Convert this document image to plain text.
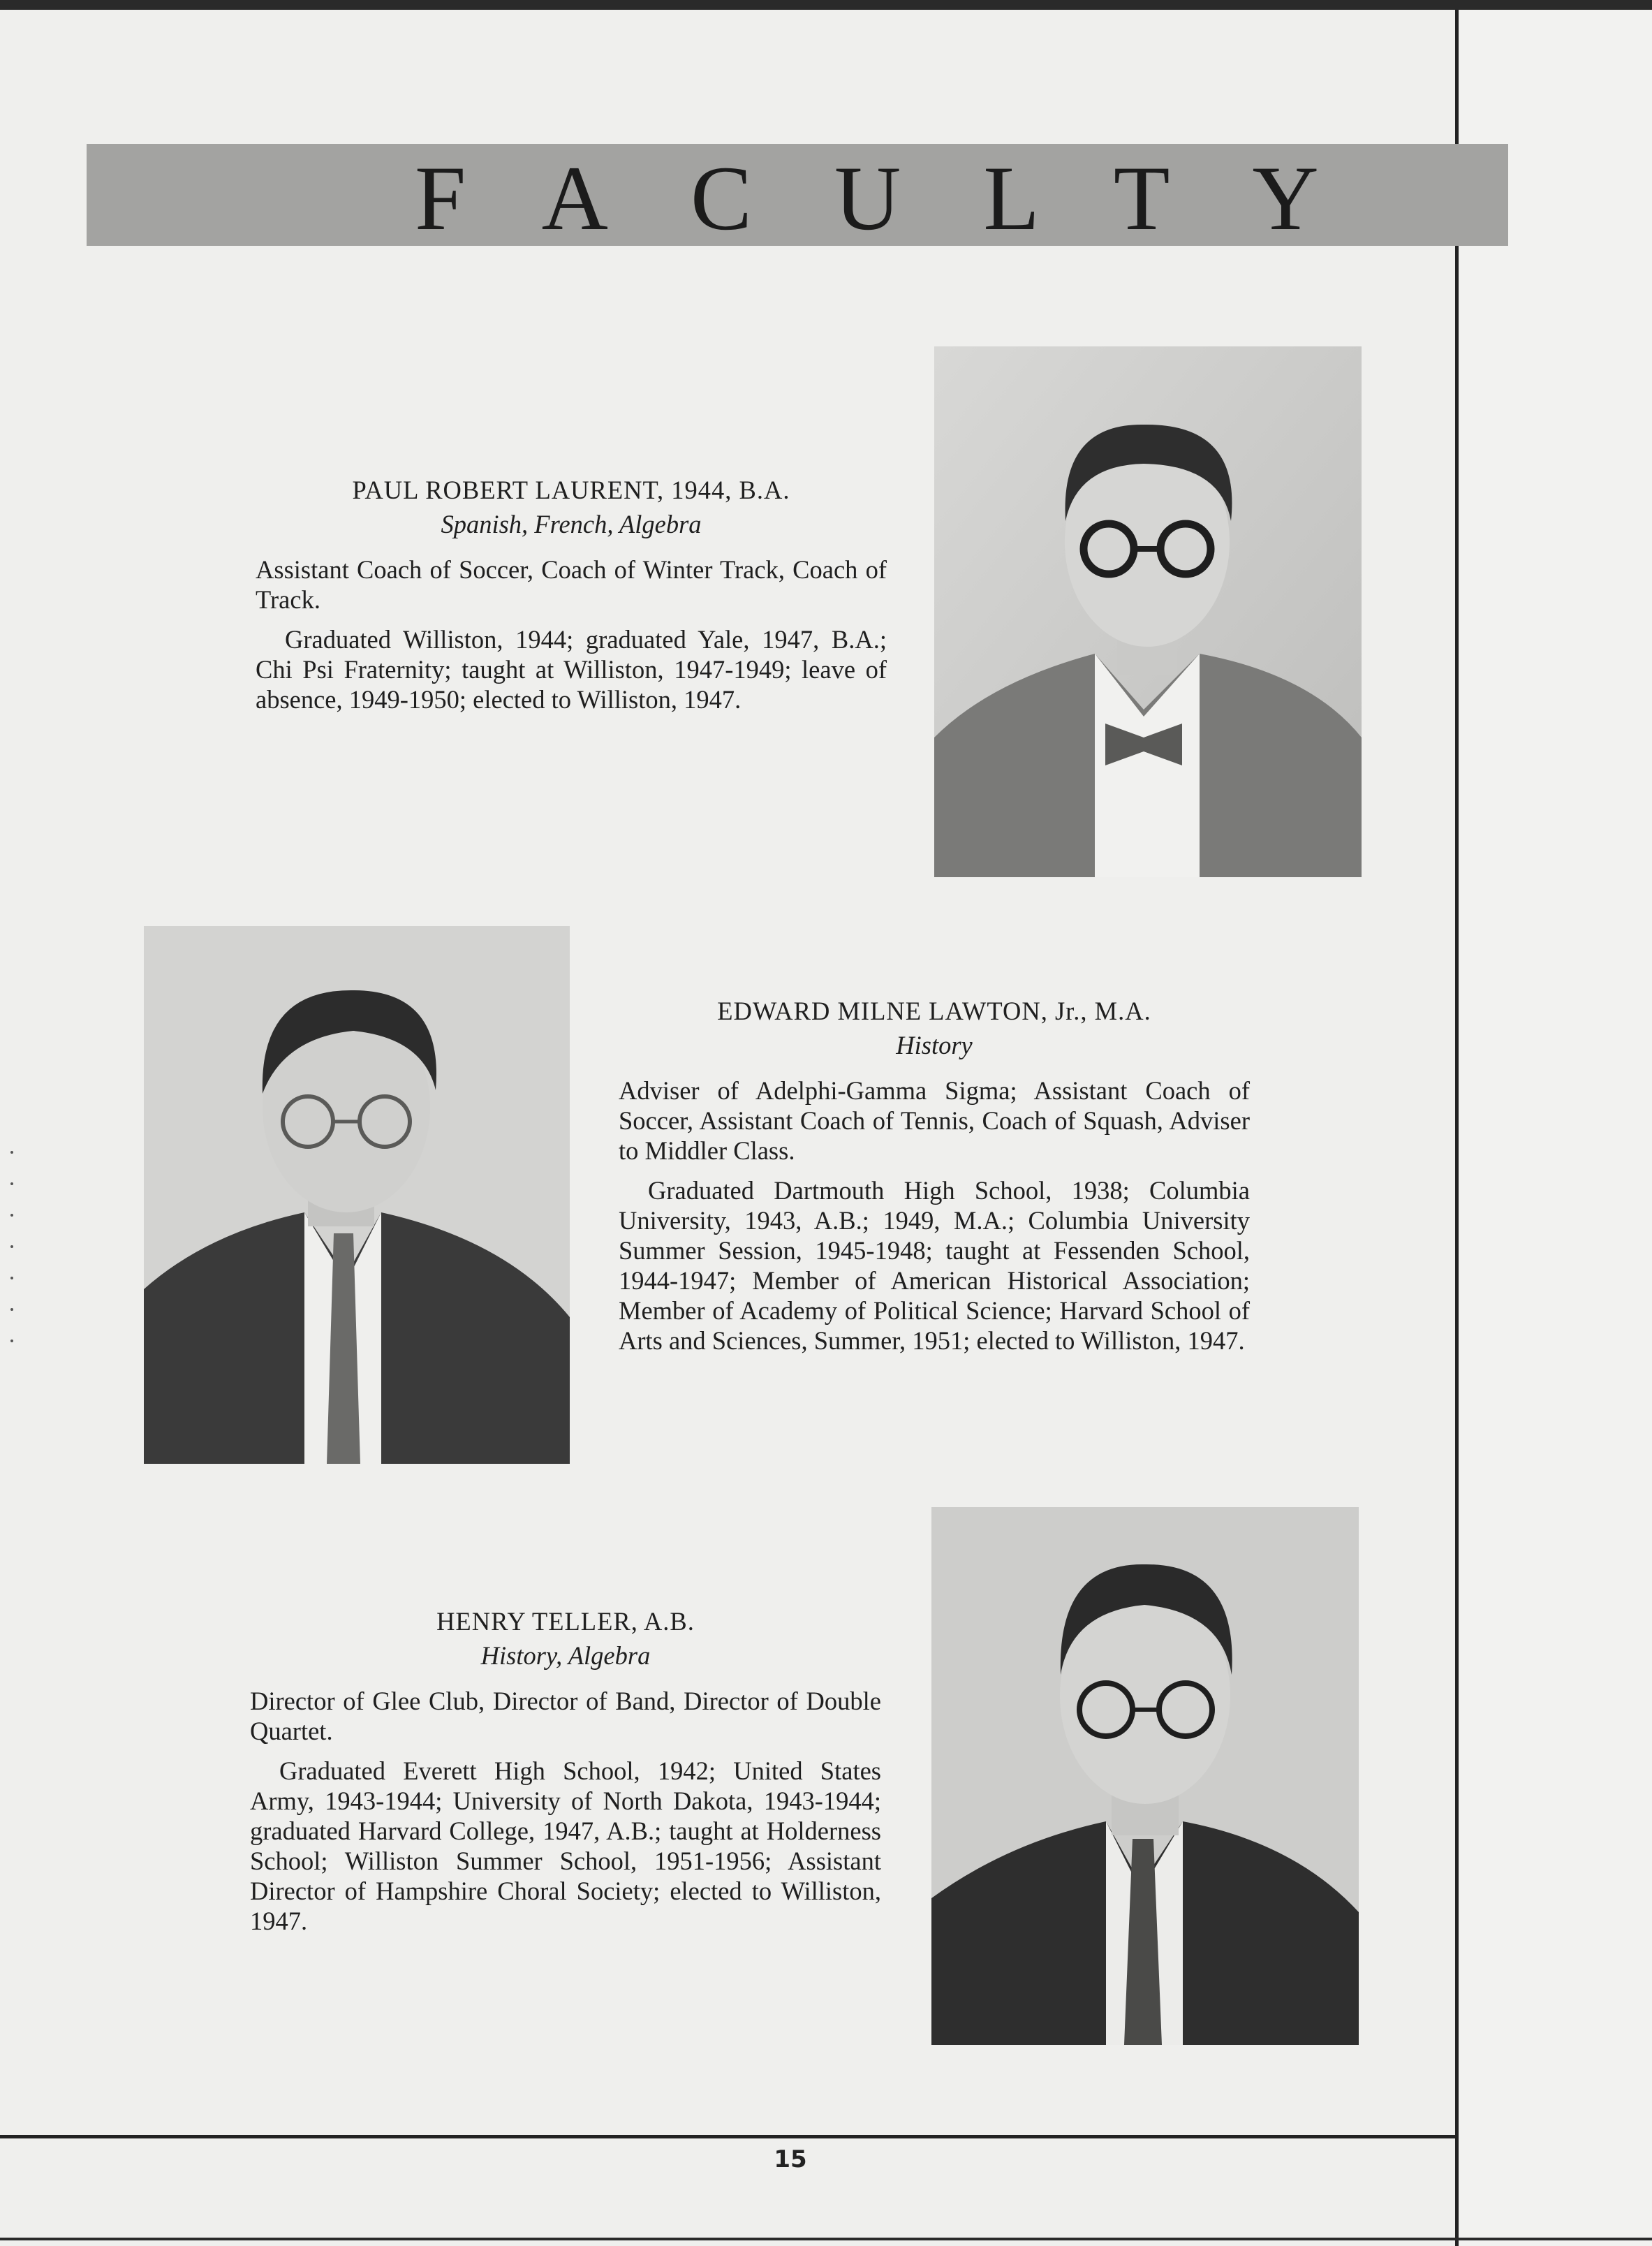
FACULTY

PAUL ROBERT LAURENT, 1944, B.A.

Spanish, French, Algebra

Assistant Coach of Soccer, Coach of Winter Track, Coach of Track.

Graduated Williston, 1944; graduated Yale, 1947, B.A.; Chi Psi Fraternity; taught at Williston, 1947-1949; leave of absence, 1949-1950; elected to Williston, 1947.

EDWARD MILNE LAWTON, Jr., M.A.

History

Adviser of Adelphi-Gamma Sigma; Assistant Coach of Soccer, Assistant Coach of Tennis, Coach of Squash, Adviser to Middler Class.

Graduated Dartmouth High School, 1938; Columbia University, 1943, A.B.; 1949, M.A.; Columbia University Summer Session, 1945-1948; taught at Fessenden School, 1944-1947; Member of American Historical Association; Member of Academy of Political Science; Harvard School of Arts and Sciences, Summer, 1951; elected to Williston, 1947.

HENRY TELLER, A.B.

History, Algebra

Director of Glee Club, Director of Band, Director of Double Quartet.

Graduated Everett High School, 1942; United States Army, 1943-1944; University of North Dakota, 1943-1944; graduated Harvard College, 1947, A.B.; taught at Holderness School; Williston Summer School, 1951-1956; Assistant Director of Hampshire Choral Society; elected to Williston, 1947.

15
